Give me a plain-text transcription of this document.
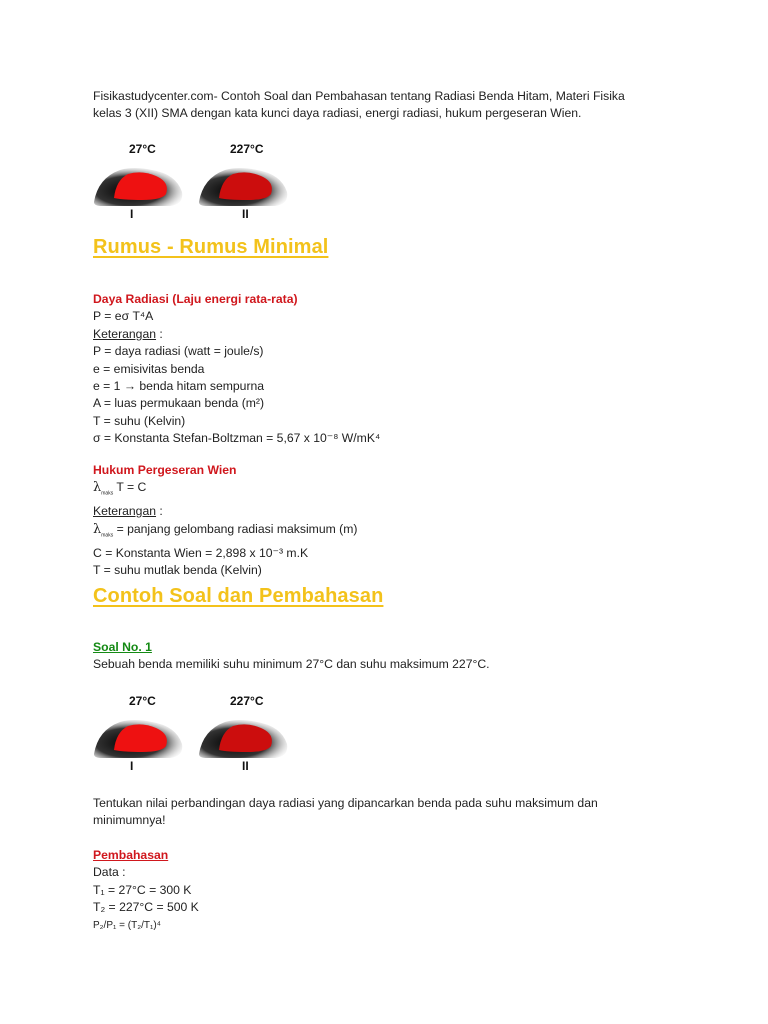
Fisikastudycenter.com- Contoh Soal dan Pembahasan tentang Radiasi Benda Hitam, Materi Fisika

kelas 3 (XII) SMA dengan kata kunci daya radiasi, energi radiasi, hukum pergeseran Wien.

27°C	227°C
I	II
Rumus - Rumus Minimal

Daya Radiasi (Laju energi rata-rata)

P = eσ T⁴A

Keterangan :

P = daya radiasi (watt = joule/s)

e = emisivitas benda

e = 1 → benda hitam sempurna

A = luas permukaan benda (m²)

T = suhu (Kelvin)

σ = Konstanta Stefan-Boltzman = 5,67 x 10⁻⁸ W/mK⁴

Hukum Pergeseran Wien

$\lambda_{maks}$ T = C

Keterangan :

$\lambda_{maks}$ = panjang gelombang radiasi maksimum (m)

C = Konstanta Wien = 2,898 x 10⁻³ m.K

T = suhu mutlak benda (Kelvin)

Contoh Soal dan Pembahasan

Soal No. 1

Sebuah benda memiliki suhu minimum 27°C dan suhu maksimum 227°C.

27°C	227°C
I	II

Tentukan nilai perbandingan daya radiasi yang dipancarkan benda pada suhu maksimum dan

minimumnya!

Pembahasan

Data :

T₁ = 27°C = 300 K

T₂ = 227°C = 500 K

P₂/P₁ = (T₂/T₁)⁴
